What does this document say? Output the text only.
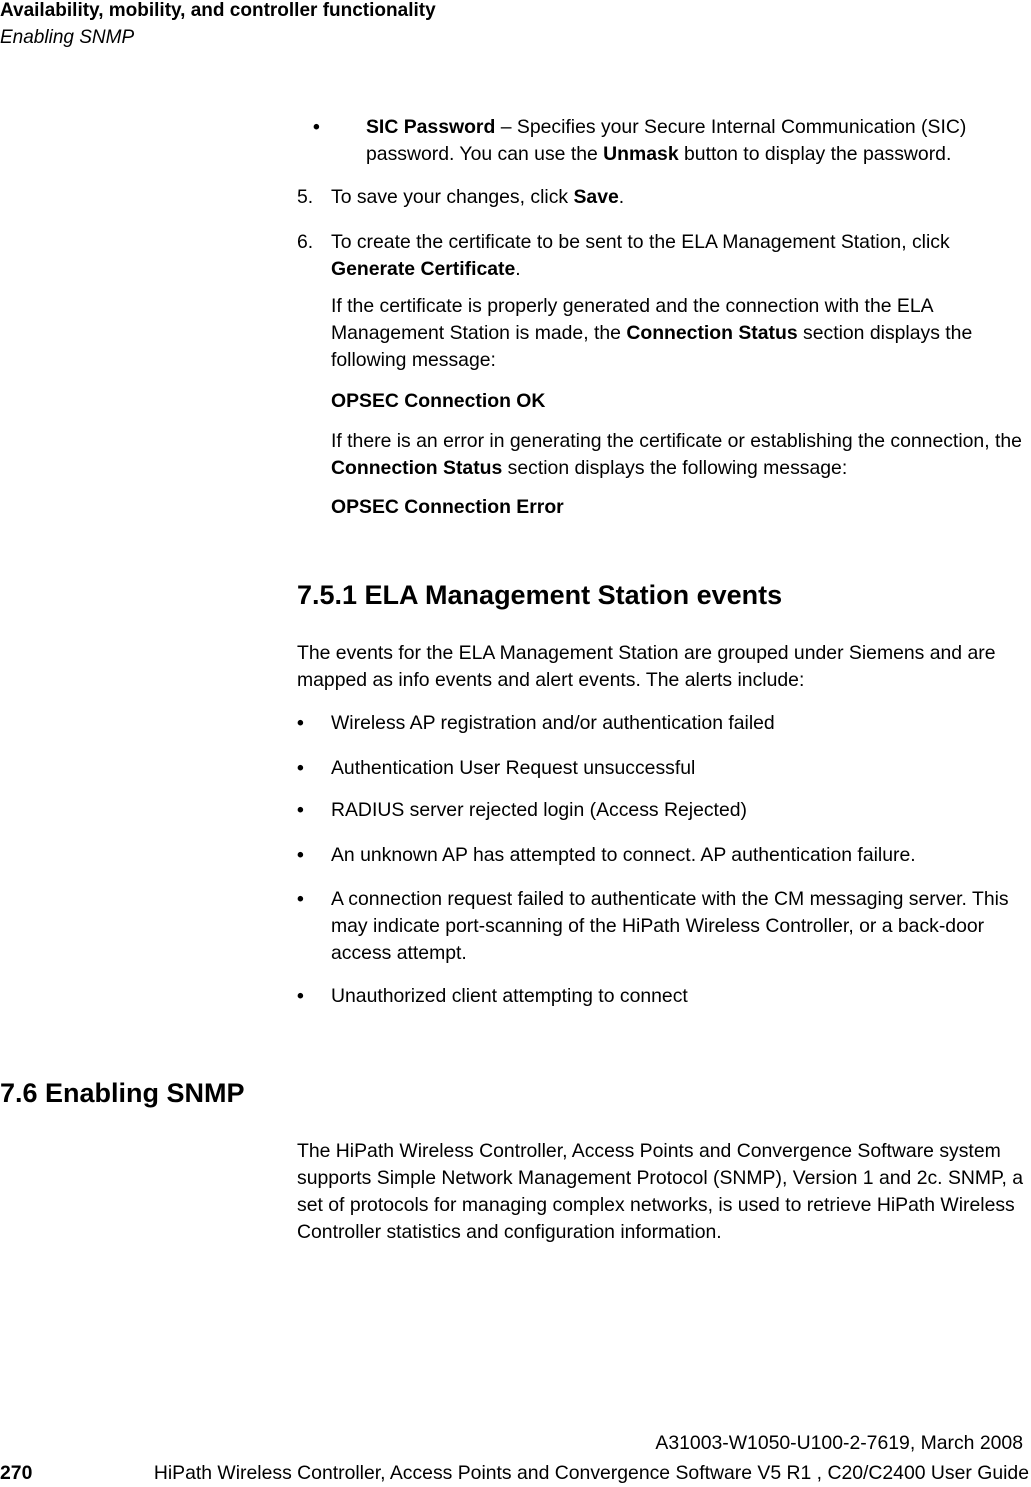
Availability, mobility, and controller functionality
Enabling SNMP
• SIC Password – Specifies your Secure Internal Communication (SIC) password. You can use the Unmask button to display the password.
5. To save your changes, click Save.
6. To create the certificate to be sent to the ELA Management Station, click Generate Certificate.
If the certificate is properly generated and the connection with the ELA Management Station is made, the Connection Status section displays the following message:
OPSEC Connection OK
If there is an error in generating the certificate or establishing the connection, the Connection Status section displays the following message:
OPSEC Connection Error
7.5.1 ELA Management Station events
The events for the ELA Management Station are grouped under Siemens and are mapped as info events and alert events. The alerts include:
• Wireless AP registration and/or authentication failed
• Authentication User Request unsuccessful
• RADIUS server rejected login (Access Rejected)
• An unknown AP has attempted to connect. AP authentication failure.
• A connection request failed to authenticate with the CM messaging server. This may indicate port-scanning of the HiPath Wireless Controller, or a back-door access attempt.
• Unauthorized client attempting to connect
7.6 Enabling SNMP
The HiPath Wireless Controller, Access Points and Convergence Software system supports Simple Network Management Protocol (SNMP), Version 1 and 2c. SNMP, a set of protocols for managing complex networks, is used to retrieve HiPath Wireless Controller statistics and configuration information.
A31003-W1050-U100-2-7619, March 2008
270	HiPath Wireless Controller, Access Points and Convergence Software V5 R1 , C20/C2400 User Guide
